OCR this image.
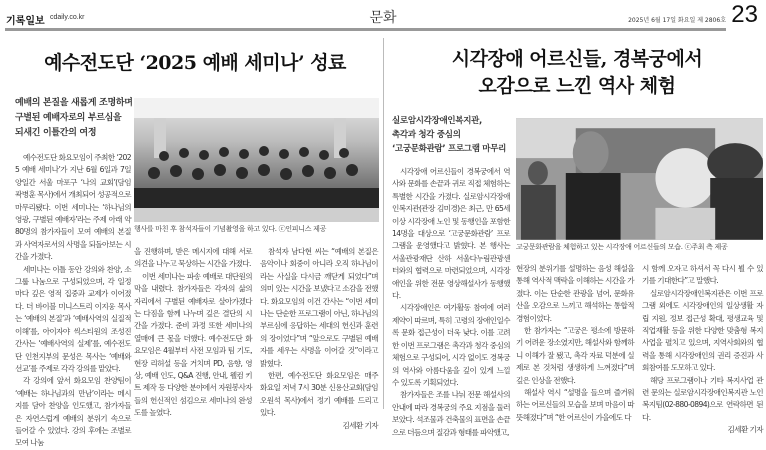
기록일보 cdaily.co.kr	문화	2025년 6월 17일 화요일 제 2806호 23
예수전도단 ‘2025 예배 세미나’ 성료
예배의 본질을 새롭게 조명하며
구별된 예배자로의 부르심을
되새긴 이틀간의 여정
행사를 마친 후 참석자들이 기념촬영을 하고 있다. ⓒ인피니스 제공

예수전도단 화요모임이 주최한 ‘2025 예배 세미나’가 지난 6월 6일과 7일 양일간 서울 마포구 ‘나의 교회’(담임 곽병훈 목사)에서 개최되어 성공적으로 마무리됐다. 이번 세미나는 ‘하나님의 영광, 구별된 예배자’라는 주제 아래 약 80명의 참가자들이 모여 예배의 본질과 사역자로서의 사명을 되돌아보는 시간을 가졌다.

세미나는 이틀 동안 강의와 찬양, 소그룹 나눔으로 구성되었으며, 각 일정마다 깊은 영적 집중과 교제가 이어졌다. 더 바이블 미니스트리 이지웅 목사는 ‘예배의 본질’과 ‘예배사역의 실질적 이해’를, 아이자야 씩스티원의 조성진 간사는 ‘예배사역의 실제’를, 예수전도단 인천지부의 문성은 목사는 ‘예배와 선교’를 주제로 각각 강의를 맡았다.

각 강의에 앞서 화요모임 찬양팀이 ‘예배는 하나님과의 만남’이라는 메시지를 담아 찬양을 인도했고, 참가자들은 자연스럽게 예배의 분위기 속으로 들어갈 수 있었다. 강의 후에는 조별로 모여 나눔

을 진행하며, 받은 메시지에 대해 서로 의견을 나누고 묵상하는 시간을 가졌다.

이번 세미나는 파송 예배로 대단원의 막을 내렸다. 참가자들은 각자의 삶의 자리에서 구별된 예배자로 살아가겠다는 다짐을 함께 나누며 깊은 결단의 시간을 가졌다. 준비 과정 또한 세미나의 열매에 큰 몫을 더했다. 예수전도단 화요모임은 4월부터 사전 모임과 팀 기도, 현장 리허설 등을 거치며 PD, 음향, 영상, 예배 인도, Q&A 진행, 안내, 웰컴 키트 제작 등 다양한 분야에서 자원봉사자들의 헌신적인 섬김으로 세미나의 완성도를 높였다.

참석자 남다현 씨는 “예배의 본질은 음악이나 회중이 아니라 오직 하나님이라는 사실을 다시금 깨닫게 되었다”며 의미 있는 시간을 보냈다고 소감을 전했다. 화요모임의 이건 간사는 “이번 세미나는 단순한 프로그램이 아닌, 하나님의 부르심에 응답하는 세대의 헌신과 훈련의 장이었다”며 “앞으로도 구별된 예배자를 세우는 사명을 이어갈 것”이라고 밝혔다.

한편, 예수전도단 화요모임은 매주 화요일 저녁 7시 30분 신용산교회(담임 오원석 목사)에서 정기 예배를 드리고 있다.

김세환 기자
시각장애 어르신들, 경복궁에서
오감으로 느낀 역사 체험
실로암시각장애인복지관,
촉각과 청각 중심의
‘고궁문화관람’ 프로그램 마무리
고궁문화관람을 체험하고 있는 시각장애 어르신들의 모습. ⓒ주최 측 제공

시각장애 어르신들이 경복궁에서 역사와 문화를 손끝과 귀로 직접 체험하는 특별한 시간을 가졌다. 실로암시각장애인복지관(관장 김미경)은 최근, 만 65세 이상 시각장애 노인 및 동행인을 포함한 14명을 대상으로 ‘고궁문화관람’ 프로그램을 운영했다고 밝혔다. 본 행사는 서울관광재단 산하 서울다누림관광센터와의 협력으로 마련되었으며, 시각장애인을 위한 전문 영상해설사가 동행했다.

시각장애인은 여가활동 참여에 여러 제약이 따르며, 특히 고령의 장애인일수록 문화 접근성이 더욱 낮다. 이를 고려한 이번 프로그램은 촉각과 청각 중심의 체험으로 구성되어, 시각 없이도 경복궁의 역사와 아름다움을 깊이 있게 느낄 수 있도록 기획되었다.

참가자들은 조를 나눠 전문 해설사의 안내에 따라 경복궁의 주요 지점을 둘러보았다. 석조물과 건축물의 표면을 손끝으로 더듬으며 질감과 형태를 파악했고,

현장의 분위기를 설명하는 음성 해설을 통해 역사적 맥락을 이해하는 시간을 가졌다. 이는 단순한 관광을 넘어, 문화유산을 오감으로 느끼고 해석하는 통합적 경험이었다.

한 참가자는 “고궁은 평소에 방문하기 어려운 장소였지만, 해설사와 함께하니 이해가 잘 됐고, 촉각 자료 덕분에 실제로 본 것처럼 생생하게 느껴졌다”며 깊은 인상을 전했다.

해설사 역시 “설명을 들으며 즐거워하는 어르신들의 모습을 보며 마음이 따뜻해졌다”며 “한 어르신이 가을에도 다

시 함께 오자고 하셔서 꼭 다시 뵐 수 있기를 기대한다”고 말했다.

실로암시각장애인복지관은 이번 프로그램 외에도 시각장애인의 일상생활 자립 지원, 정보 접근성 확대, 평생교육 및 직업재활 등을 위한 다양한 맞춤형 복지사업을 펼치고 있으며, 지역사회와의 협력을 통해 시각장애인의 권리 증진과 사회참여를 도모하고 있다.

해당 프로그램이나 기타 복지사업 관련 문의는 실로암시각장애인복지관 노인복지팀(02-880-0894)으로 연락하면 된다.

김세환 기자
